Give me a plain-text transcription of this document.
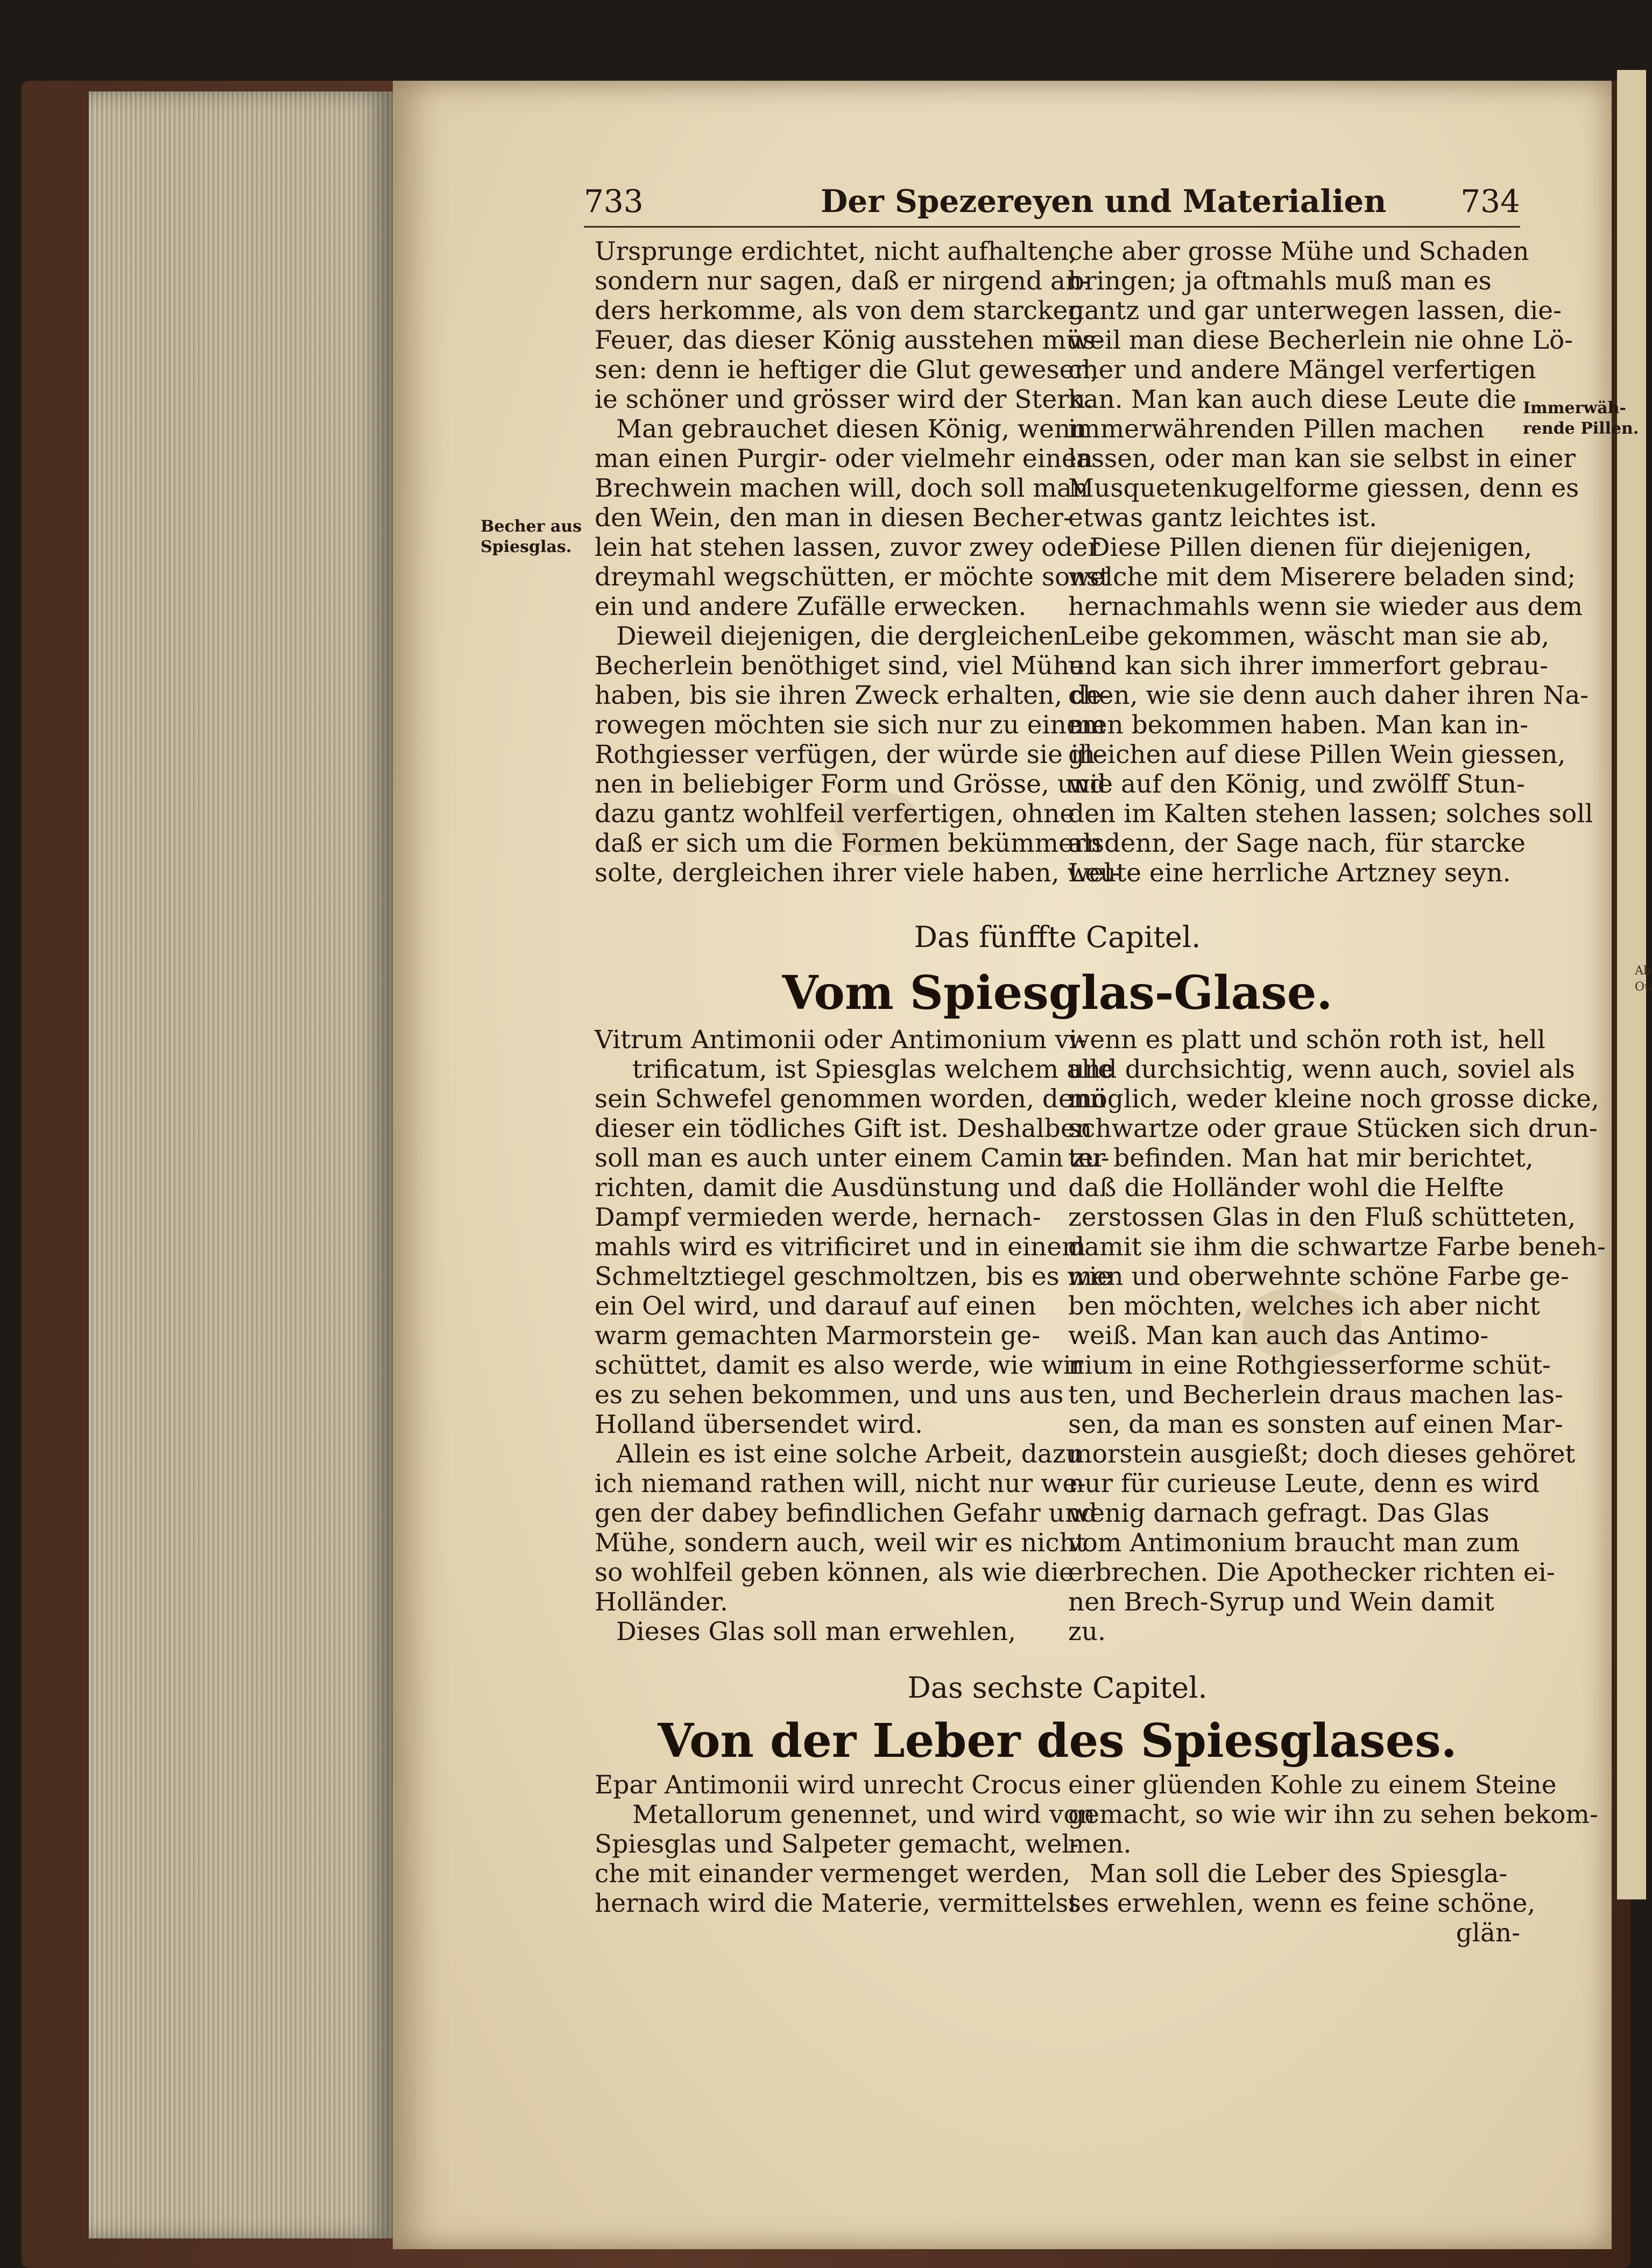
Ab
Ou
733	Der Spezereyen und Materialien 734
Becher aus
Spiesglas.
Immerwäh-
rende Pillen.

Ursprunge erdichtet, nicht aufhalten,

sondern nur sagen, daß er nirgend an-

ders herkomme, als von dem starcken

Feuer, das dieser König ausstehen müs-

sen: denn ie heftiger die Glut gewesen,

ie schöner und grösser wird der Stern.

Man gebrauchet diesen König, wenn

man einen Purgir- oder vielmehr einen

Brechwein machen will, doch soll man

den Wein, den man in diesen Becher-

lein hat stehen lassen, zuvor zwey oder

dreymahl wegschütten, er möchte sonst

ein und andere Zufälle erwecken.

Dieweil diejenigen, die dergleichen

Becherlein benöthiget sind, viel Mühe

haben, bis sie ihren Zweck erhalten, de-

rowegen möchten sie sich nur zu einem

Rothgiesser verfügen, der würde sie ih-

nen in beliebiger Form und Grösse, und

dazu gantz wohlfeil verfertigen, ohne

daß er sich um die Formen bekümmern

solte, dergleichen ihrer viele haben, wel-

che aber grosse Mühe und Schaden

bringen; ja oftmahls muß man es

gantz und gar unterwegen lassen, die-

weil man diese Becherlein nie ohne Lö-

cher und andere Mängel verfertigen

kan. Man kan auch diese Leute die

immerwährenden Pillen machen

lassen, oder man kan sie selbst in einer

Musquetenkugelforme giessen, denn es

etwas gantz leichtes ist.

Diese Pillen dienen für diejenigen,

welche mit dem Miserere beladen sind;

hernachmahls wenn sie wieder aus dem

Leibe gekommen, wäscht man sie ab,

und kan sich ihrer immerfort gebrau-

chen, wie sie denn auch daher ihren Na-

men bekommen haben. Man kan in-

gleichen auf diese Pillen Wein giessen,

wie auf den König, und zwölff Stun-

den im Kalten stehen lassen; solches soll

alsdenn, der Sage nach, für starcke

Leute eine herrliche Artzney seyn.

Das fünffte Capitel.
Vom Spiesglas-Glase.

Vitrum Antimonii oder Antimonium vi-

trificatum, ist Spiesglas welchem alle

sein Schwefel genommen worden, denn

dieser ein tödliches Gift ist. Deshalben

soll man es auch unter einem Camin zu-

richten, damit die Ausdünstung und

Dampf vermieden werde, hernach-

mahls wird es vitrificiret und in einem

Schmeltztiegel geschmoltzen, bis es wie

ein Oel wird, und darauf auf einen

warm gemachten Marmorstein ge-

schüttet, damit es also werde, wie wir

es zu sehen bekommen, und uns aus

Holland übersendet wird.

Allein es ist eine solche Arbeit, dazu

ich niemand rathen will, nicht nur we-

gen der dabey befindlichen Gefahr und

Mühe, sondern auch, weil wir es nicht

so wohlfeil geben können, als wie die

Holländer.

Dieses Glas soll man erwehlen,

wenn es platt und schön roth ist, hell

und durchsichtig, wenn auch, soviel als

möglich, weder kleine noch grosse dicke,

schwartze oder graue Stücken sich drun-

ter befinden. Man hat mir berichtet,

daß die Holländer wohl die Helfte

zerstossen Glas in den Fluß schütteten,

damit sie ihm die schwartze Farbe beneh-

men und oberwehnte schöne Farbe ge-

ben möchten, welches ich aber nicht

weiß. Man kan auch das Antimo-

nium in eine Rothgiesserforme schüt-

ten, und Becherlein draus machen las-

sen, da man es sonsten auf einen Mar-

morstein ausgießt; doch dieses gehöret

nur für curieuse Leute, denn es wird

wenig darnach gefragt. Das Glas

vom Antimonium braucht man zum

erbrechen. Die Apothecker richten ei-

nen Brech-Syrup und Wein damit

zu.

Das sechste Capitel.
Von der Leber des Spiesglases.

Epar Antimonii wird unrecht Crocus

Metallorum genennet, und wird von

Spiesglas und Salpeter gemacht, wel-

che mit einander vermenget werden,

hernach wird die Materie, vermittelst

einer glüenden Kohle zu einem Steine

gemacht, so wie wir ihn zu sehen bekom-

men.

Man soll die Leber des Spiesgla-

ses erwehlen, wenn es feine schöne,

glän-
